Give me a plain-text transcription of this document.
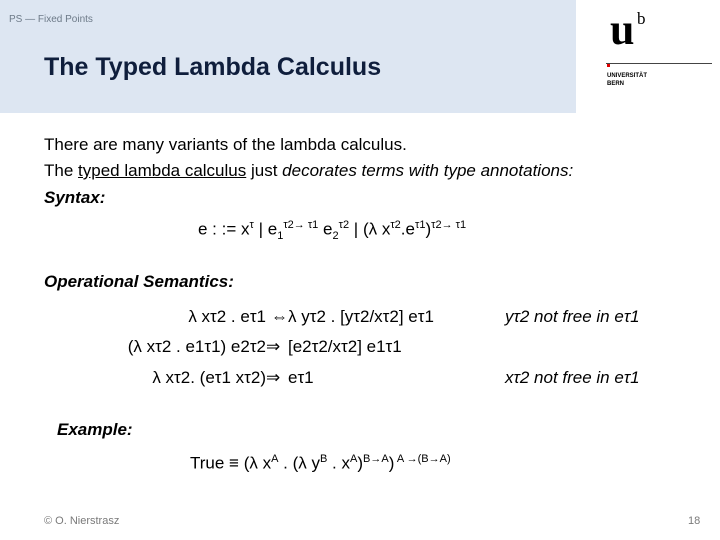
PS — Fixed Points
The Typed Lambda Calculus
u b
UNIVERSITÄT
BERN
There are many variants of the lambda calculus.
The typed lambda calculus just decorates terms with type annotations:
Syntax:
e : := $x^\tau$ | $e_1^{\tau 2\to \tau 1}$ $e_2^{\tau 2}$ | (λ $x^{\tau 2}.e^{\tau 1})^{\tau 2\to \tau 1}$
Operational Semantics:
λ xτ2 . eτ1 ⇔ λ yτ2 . [yτ2/xτ2] eτ1	yτ2 not free in eτ1
(λ xτ2 . e1τ1) e2τ2 ⇒ [e2τ2/xτ2] e1τ1
λ xτ2. (eτ1 xτ2) ⇒ eτ1	xτ2 not free in eτ1
Example:
True ≡ (λ $x^A$ . (λ $y^B$ . $x^A)^{B\to A}$) $^{A \to(B\to A)}$
© O. Nierstrasz	18
